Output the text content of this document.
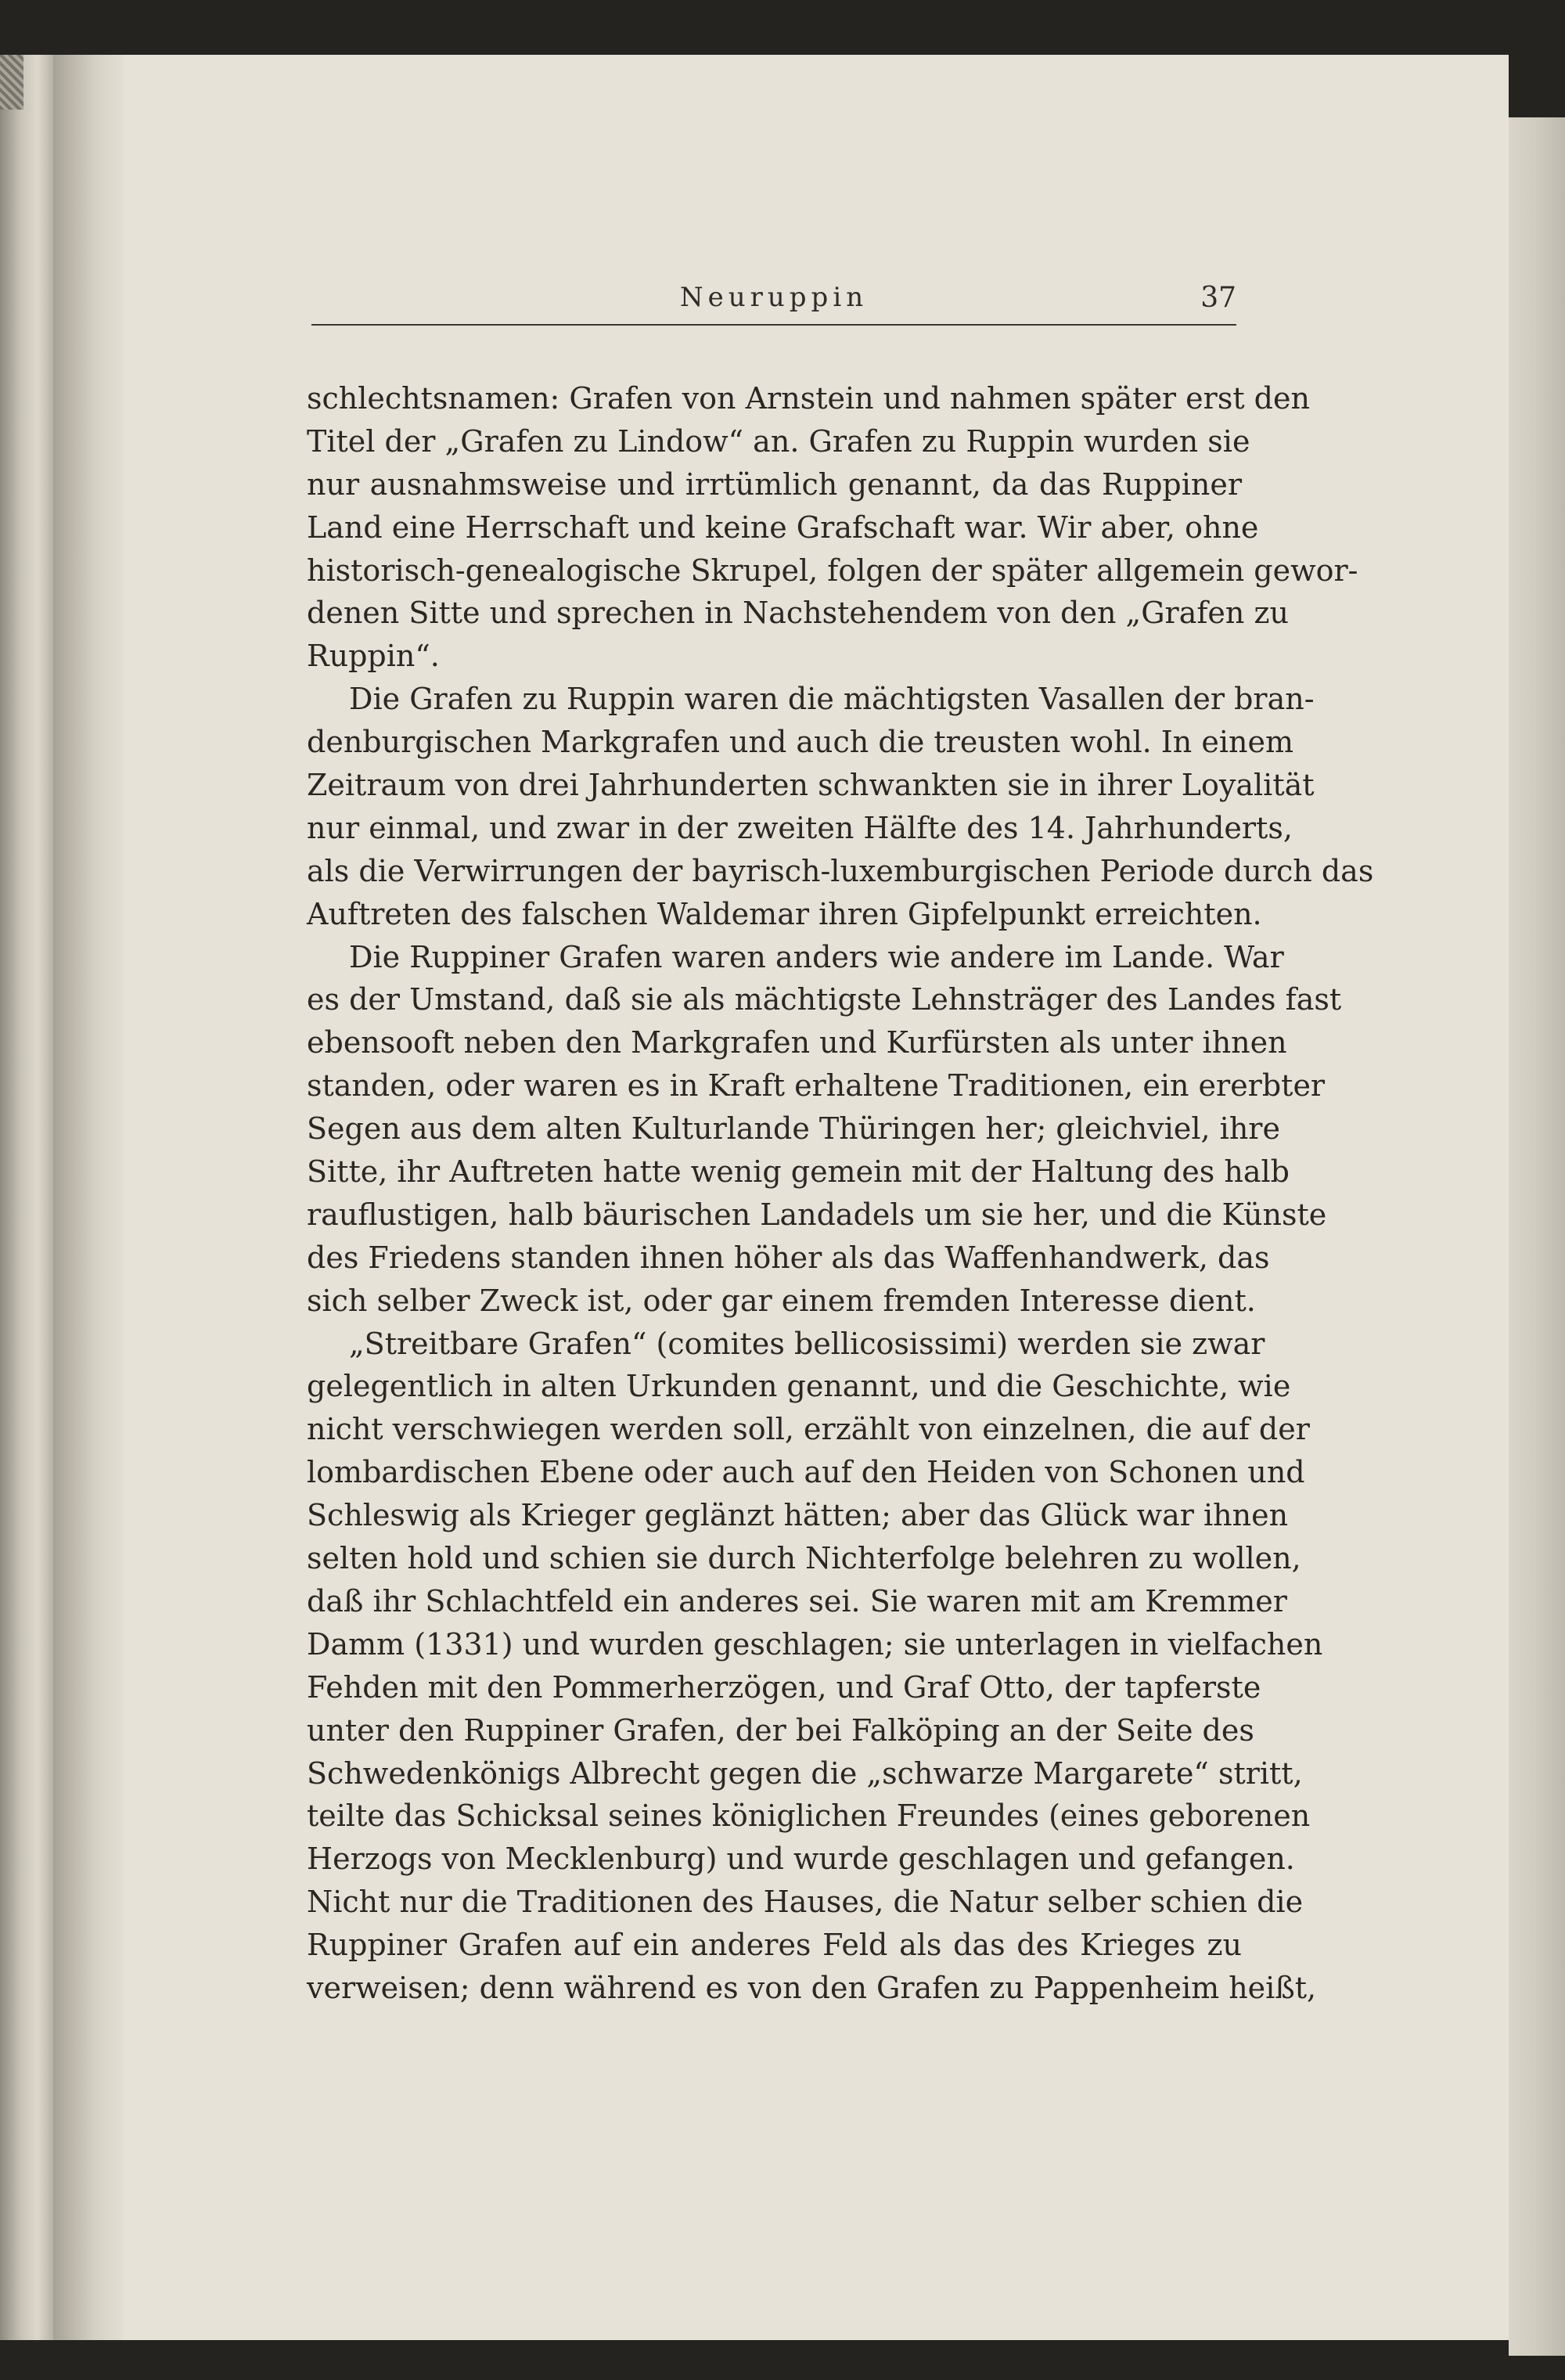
Neuruppin	37
schlechtsnamen: Grafen von Arnstein und nahmen später erst den
Titel der „Grafen zu Lindow“ an. Grafen zu Ruppin wurden sie
nur ausnahmsweise und irrtümlich genannt, da das Ruppiner
Land eine Herrschaft und keine Grafschaft war. Wir aber, ohne
historisch-genealogische Skrupel, folgen der später allgemein gewor-
denen Sitte und sprechen in Nachstehendem von den „Grafen zu
Ruppin“.
Die Grafen zu Ruppin waren die mächtigsten Vasallen der bran-
denburgischen Markgrafen und auch die treusten wohl. In einem
Zeitraum von drei Jahrhunderten schwankten sie in ihrer Loyalität
nur einmal, und zwar in der zweiten Hälfte des 14. Jahrhunderts,
als die Verwirrungen der bayrisch-luxemburgischen Periode durch das
Auftreten des falschen Waldemar ihren Gipfelpunkt erreichten.
Die Ruppiner Grafen waren anders wie andere im Lande. War
es der Umstand, daß sie als mächtigste Lehnsträger des Landes fast
ebensooft neben den Markgrafen und Kurfürsten als unter ihnen
standen, oder waren es in Kraft erhaltene Traditionen, ein ererbter
Segen aus dem alten Kulturlande Thüringen her; gleichviel, ihre
Sitte, ihr Auftreten hatte wenig gemein mit der Haltung des halb
rauflustigen, halb bäurischen Landadels um sie her, und die Künste
des Friedens standen ihnen höher als das Waffenhandwerk, das
sich selber Zweck ist, oder gar einem fremden Interesse dient.
„Streitbare Grafen“ (comites bellicosissimi) werden sie zwar
gelegentlich in alten Urkunden genannt, und die Geschichte, wie
nicht verschwiegen werden soll, erzählt von einzelnen, die auf der
lombardischen Ebene oder auch auf den Heiden von Schonen und
Schleswig als Krieger geglänzt hätten; aber das Glück war ihnen
selten hold und schien sie durch Nichterfolge belehren zu wollen,
daß ihr Schlachtfeld ein anderes sei. Sie waren mit am Kremmer
Damm (1331) und wurden geschlagen; sie unterlagen in vielfachen
Fehden mit den Pommerherzögen, und Graf Otto, der tapferste
unter den Ruppiner Grafen, der bei Falköping an der Seite des
Schwedenkönigs Albrecht gegen die „schwarze Margarete“ stritt,
teilte das Schicksal seines königlichen Freundes (eines geborenen
Herzogs von Mecklenburg) und wurde geschlagen und gefangen.
Nicht nur die Traditionen des Hauses, die Natur selber schien die
Ruppiner Grafen auf ein anderes Feld als das des Krieges zu
verweisen; denn während es von den Grafen zu Pappenheim heißt,
